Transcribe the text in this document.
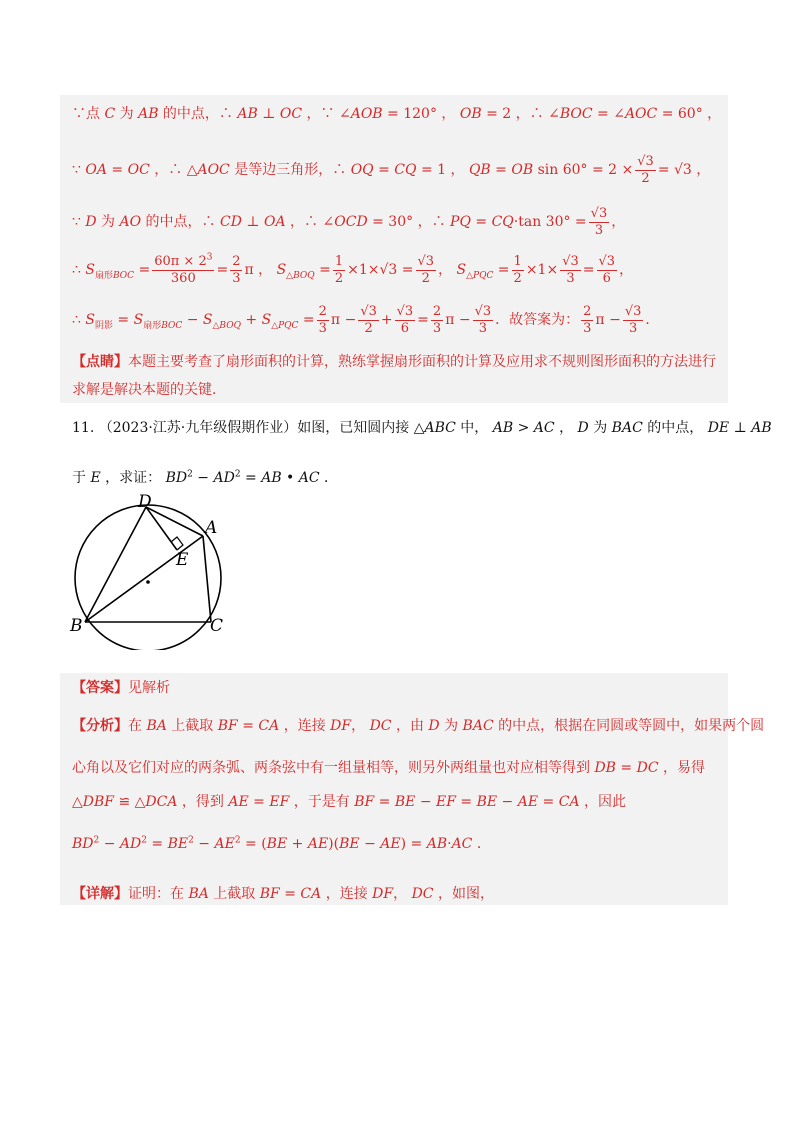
∵点 C 为 AB 的中点，∴ AB ⊥ OC ，∵ ∠AOB = 120° ， OB = 2 ，∴ ∠BOC = ∠AOC = 60° ，
∵ OA = OC ，∴ △AOC 是等边三角形，∴ OQ = CQ = 1 ， QB = OB $\sin 60^\circ = 2 \times \frac{√3}{2} = √3$ ，
∵ D 为 AO 的中点，∴ CD ⊥ OA ，∴ ∠OCD = 30° ，∴ PQ = CQ·tan $30^\circ = \frac{√3}{3}$ ，
∴ $S_{扇形BOC} = \frac{60\pi \times 2^3}{360} = \frac{2}{3}$ π ， $S_{\triangle BOQ} = \frac{1}{2} \times 1\times√3 = \frac{√3}{2}$ ， $S_{\triangle PQC} = \frac{1}{2} \times 1\times \frac{√3}{3} = \frac{√3}{6}$ ，
∴ $S_{阴影} = S_{扇形BOC} - S_{\triangle BOQ} + S_{\triangle PQC} = \frac{2}{3}$ $\pi - \frac{√3}{2} + \frac{√3}{6} = \frac{2}{3}$ $\pi - \frac{√3}{3}$ ．故答案为： $\frac{2}{3}$ $\pi - \frac{√3}{3}$ ．
【点睛】本题主要考查了扇形面积的计算，熟练掌握扇形面积的计算及应用求不规则图形面积的方法进行
求解是解决本题的关键.
11. （2023·江苏·九年级假期作业）如图，已知圆内接 △ABC 中， AB > AC ， D 为 BAC 的中点， DE ⊥ AB
于 E ，求证： $BD^2 - AD^2$ = AB • AC ．
D
A
E
B	C
【答案】见解析
【分析】在 BA 上截取 BF = CA ，连接 DF， DC ，由 D 为 BAC 的中点，根据在同圆或等圆中，如果两个圆
心角以及它们对应的两条弧、两条弦中有一组量相等，则另外两组量也对应相等得到 DB = DC ，易得
△DBF ≌ △DCA ，得到 AE = EF ，于是有 BF = BE − EF = BE − AE = CA ，因此
$BD^2 - AD^2 = BE^2 - AE^2 = (BE + AE)(BE - AE) = AB\cdot AC$ ．
【详解】证明：在 BA 上截取 BF = CA ，连接 DF， DC ，如图，
